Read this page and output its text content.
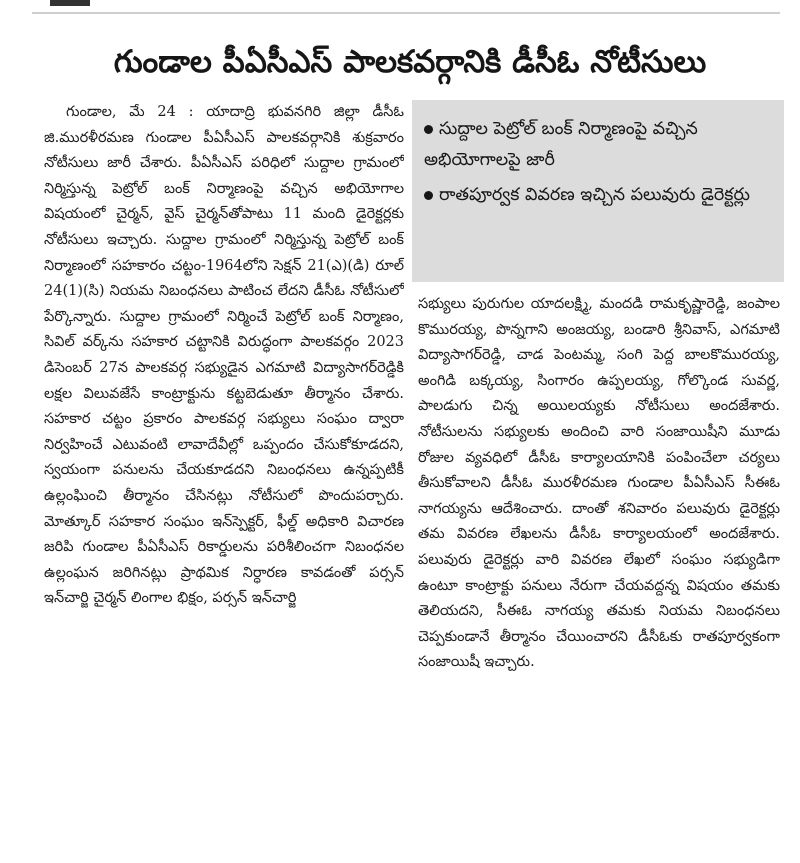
గుండాల పీఏసీఎస్ పాలకవర్గానికి డీసీఓ నోటీసులు
గుండాల, మే 24 : యాదాద్రి భువనగిరి జిల్లా డీసీఓ జి.మురళీరమణ గుండాల పీఏసీఎస్ పాలకవర్గానికి శుక్రవారం నోటీసులు జారీ చేశారు. పీఏసీఎస్ పరిధిలో సుద్దాల గ్రామంలో నిర్మిస్తున్న పెట్రోల్ బంక్ నిర్మాణంపై వచ్చిన అభియోగాల విషయంలో చైర్మన్, వైస్ చైర్మన్‌తోపాటు 11 మంది డైరెక్టర్లకు నోటీసులు ఇచ్చారు. సుద్దాల గ్రామంలో నిర్మిస్తున్న పెట్రోల్ బంక్ నిర్మాణంలో సహకారం చట్టం-1964లోని సెక్షన్ 21(ఎ)(డి) రూల్ 24(1)(సి) నియమ నిబంధనలు పాటించ లేదని డీసీఓ నోటీసులో పేర్కొన్నారు. సుద్దాల గ్రామంలో నిర్మించే పెట్రోల్ బంక్ నిర్మాణం, సివిల్ వర్క్‌ను సహకార చట్టానికి విరుద్ధంగా పాలకవర్గం 2023 డిసెంబర్ 27న పాలకవర్గ సభ్యుడైన ఎగమాటి విద్యాసాగర్‌రెడ్డికి లక్షల విలువజేసే కాంట్రాక్టును కట్టబెడుతూ తీర్మానం చేశారు. సహకార చట్టం ప్రకారం పాలకవర్గ సభ్యులు సంఘం ద్వారా నిర్వహించే ఎటువంటి లావాదేవీల్లో ఒప్పందం చేసుకోకూడదని, స్వయంగా పనులను చేయకూడదని నిబంధనలు ఉన్నప్పటికీ ఉల్లంఘించి తీర్మానం చేసినట్లు నోటీసులో పొందుపర్చారు. మోత్కూర్ సహకార సంఘం ఇన్‌స్పెక్టర్, ఫీల్డ్ అధికారి విచారణ జరిపి గుండాల పీఏసీఎస్ రికార్డులను పరిశీలించగా నిబంధనల ఉల్లంఘన జరిగినట్లు ప్రాథమిక నిర్ధారణ కావడంతో పర్సన్ ఇన్‌చార్జి చైర్మన్ లింగాల భిక్షం, పర్సన్ ఇన్‌చార్జి
సుద్దాల పెట్రోల్ బంక్ నిర్మాణంపై వచ్చిన అభియోగాలపై జారీ
రాతపూర్వక వివరణ ఇచ్చిన పలువురు డైరెక్టర్లు
సభ్యులు పురుగుల యాదలక్ష్మి, మందడి రామకృష్ణారెడ్డి, జంపాల కొమురయ్య, పొన్నగాని అంజయ్య, బండారి శ్రీనివాస్, ఎగమాటి విద్యాసాగర్‌రెడ్డి, చాడ పెంటమ్మ, సంగి పెద్ద బాలకొమురయ్య, అంగిడి బక్కయ్య, సింగారం ఉప్పలయ్య, గోల్కొండ సువర్ణ, పాలడుగు చిన్న అయిలయ్యకు నోటీసులు అందజేశారు. నోటీసులను సభ్యులకు అందించి వారి సంజాయిషీని మూడు రోజుల వ్యవధిలో డీసీఓ కార్యాలయానికి పంపించేలా చర్యలు తీసుకోవాలని డీసీఓ మురళీరమణ గుండాల పీఏసీఎస్ సీఈఓ నాగయ్యను ఆదేశించారు. దాంతో శనివారం పలువురు డైరెక్టర్లు తమ వివరణ లేఖలను డీసీఓ కార్యాలయంలో అందజేశారు. పలువురు డైరెక్టర్లు వారి వివరణ లేఖలో సంఘం సభ్యుడిగా ఉంటూ కాంట్రాక్టు పనులు నేరుగా చేయవద్దన్న విషయం తమకు తెలియదని, సీఈఓ నాగయ్య తమకు నియమ నిబంధనలు చెప్పకుండానే తీర్మానం చేయించారని డీసీఓకు రాతపూర్వకంగా సంజాయిషీ ఇచ్చారు.
